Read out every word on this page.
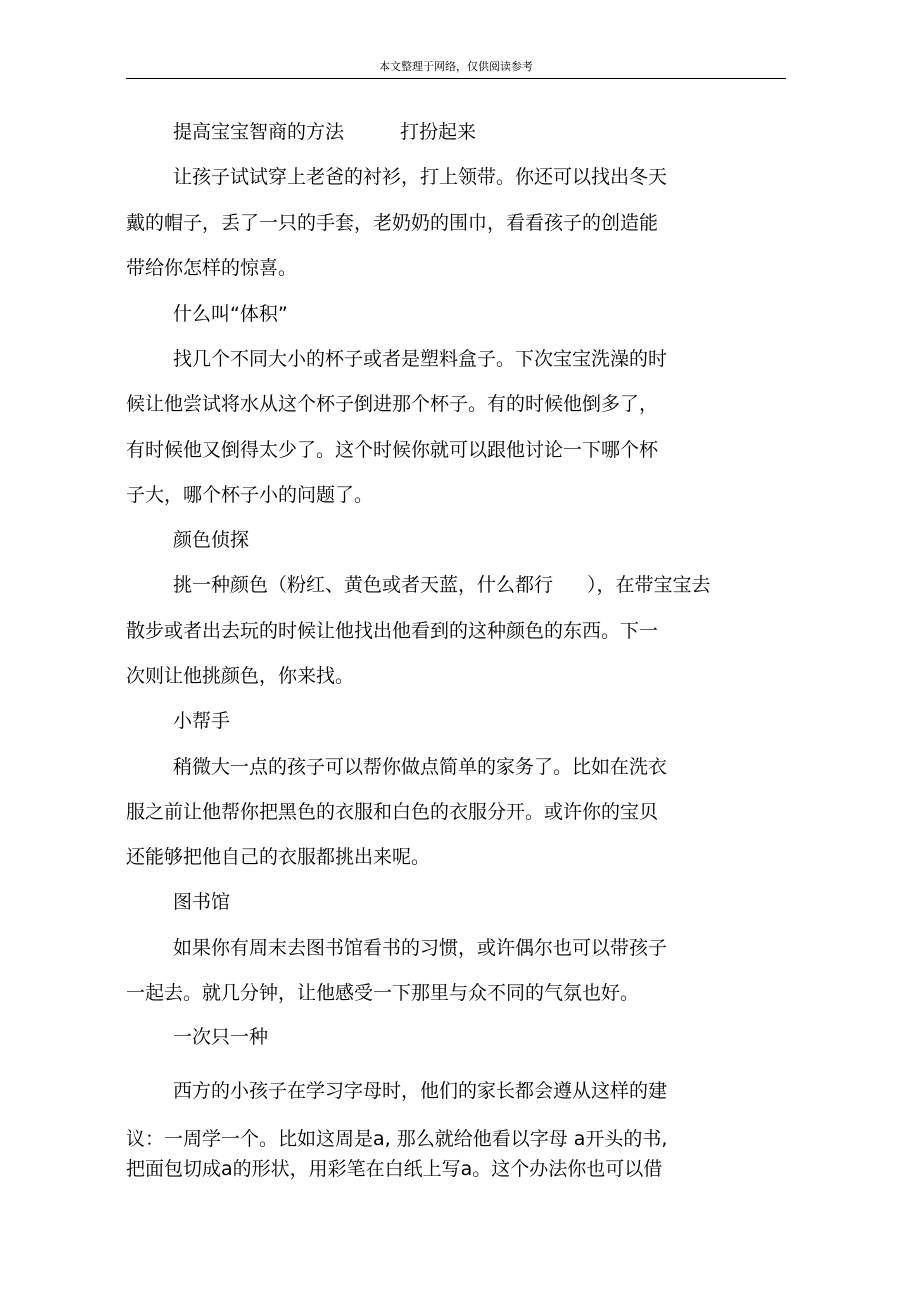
本文整理于网络，仅供阅读参考
提高宝宝智商的方法	打扮起来
让孩子试试穿上老爸的衬衫，打上领带。你还可以找出冬天
戴的帽子，丢了一只的手套，老奶奶的围巾，看看孩子的创造能
带给你怎样的惊喜。
什么叫“体积”
找几个不同大小的杯子或者是塑料盒子。下次宝宝洗澡的时
候让他尝试将水从这个杯子倒进那个杯子。有的时候他倒多了，
有时候他又倒得太少了。这个时候你就可以跟他讨论一下哪个杯
子大，哪个杯子小的问题了。
颜色侦探
挑一种颜色（粉红、黄色或者天蓝，什么都行 ），在带宝宝去
散步或者出去玩的时候让他找出他看到的这种颜色的东西。下一
次则让他挑颜色，你来找。
小帮手
稍微大一点的孩子可以帮你做点简单的家务了。比如在洗衣
服之前让他帮你把黑色的衣服和白色的衣服分开。或许你的宝贝
还能够把他自己的衣服都挑出来呢。
图书馆
如果你有周末去图书馆看书的习惯，或许偶尔也可以带孩子
一起去。就几分钟，让他感受一下那里与众不同的气氛也好。
一次只一种
西方的小孩子在学习字母时，他们的家长都会遵从这样的建
议：一周学一个。比如这周是a, 那么就给他看以字母 a开头的书,
把面包切成a的形状，用彩笔在白纸上写a。这个办法你也可以借
